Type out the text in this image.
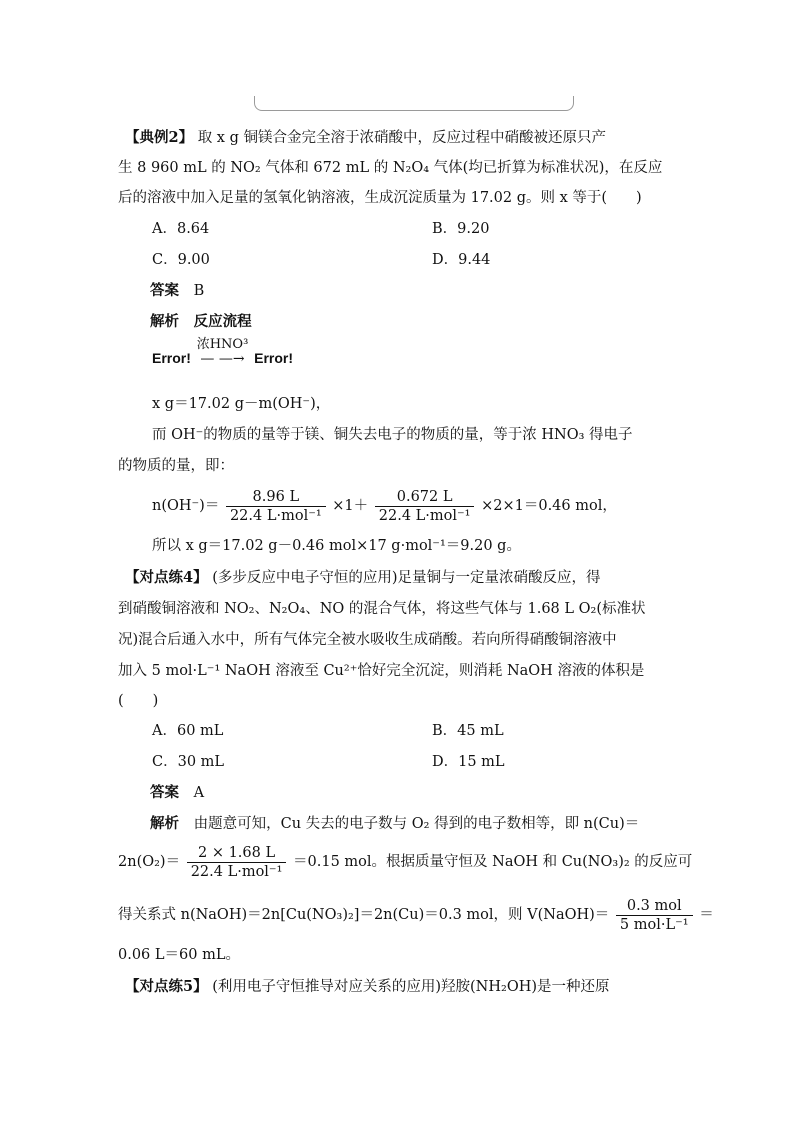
【典例2】 取 x g 铜镁合金完全溶于浓硝酸中，反应过程中硝酸被还原只产
生 8 960 mL 的 NO₂ 气体和 672 mL 的 N₂O₄ 气体(均已折算为标准状况)，在反应
后的溶液中加入足量的氢氧化钠溶液，生成沉淀质量为 17.02 g。则 x 等于(　　)
A．8.64	B．9.20
C．9.00	D．9.44
答案 B
解析 反应流程
Error!
浓HNO³
— —→ Error!
x g＝17.02 g－m(OH⁻)，
而 OH⁻的物质的量等于镁、铜失去电子的物质的量，等于浓 HNO₃ 得电子
的物质的量，即：
$n(OH^-)= \frac{8.96 L}{\text{22.4 L·mol⁻¹}} \times 1+ \frac{0.672 L}{\text{22.4 L·mol⁻¹}} \times 2\times 1=0.46$ mol，
所以 x g＝17.02 g－0.46 mol×17 g·mol⁻¹＝9.20 g。
【对点练4】 (多步反应中电子守恒的应用)足量铜与一定量浓硝酸反应，得
到硝酸铜溶液和 NO₂、N₂O₄、NO 的混合气体，将这些气体与 1.68 L O₂(标准状
况)混合后通入水中，所有气体完全被水吸收生成硝酸。若向所得硝酸铜溶液中
加入 5 mol·L⁻¹ NaOH 溶液至 Cu²⁺恰好完全沉淀，则消耗 NaOH 溶液的体积是
(　　)
A．60 mL	B．45 mL
C．30 mL	D．15 mL
答案 A
解析 由题意可知，Cu 失去的电子数与 O₂ 得到的电子数相等，即 n(Cu)＝
$2n(O_2)= \frac{2 \times 1.68 L}{\text{22.4 L·mol⁻¹}} =0.15$ mol。根据质量守恒及 NaOH 和 Cu(NO₃)₂ 的反应可
得关系式 n(NaOH)＝2n[Cu(NO₃)₂]＝2n(Cu)＝0.3 mol，则 V(NaOH)＝ $\frac{\text{0.3 mol}}{\text{5 mol·L⁻¹}}$ ＝
0.06 L＝60 mL。
【对点练5】 (利用电子守恒推导对应关系的应用)羟胺(NH₂OH)是一种还原
